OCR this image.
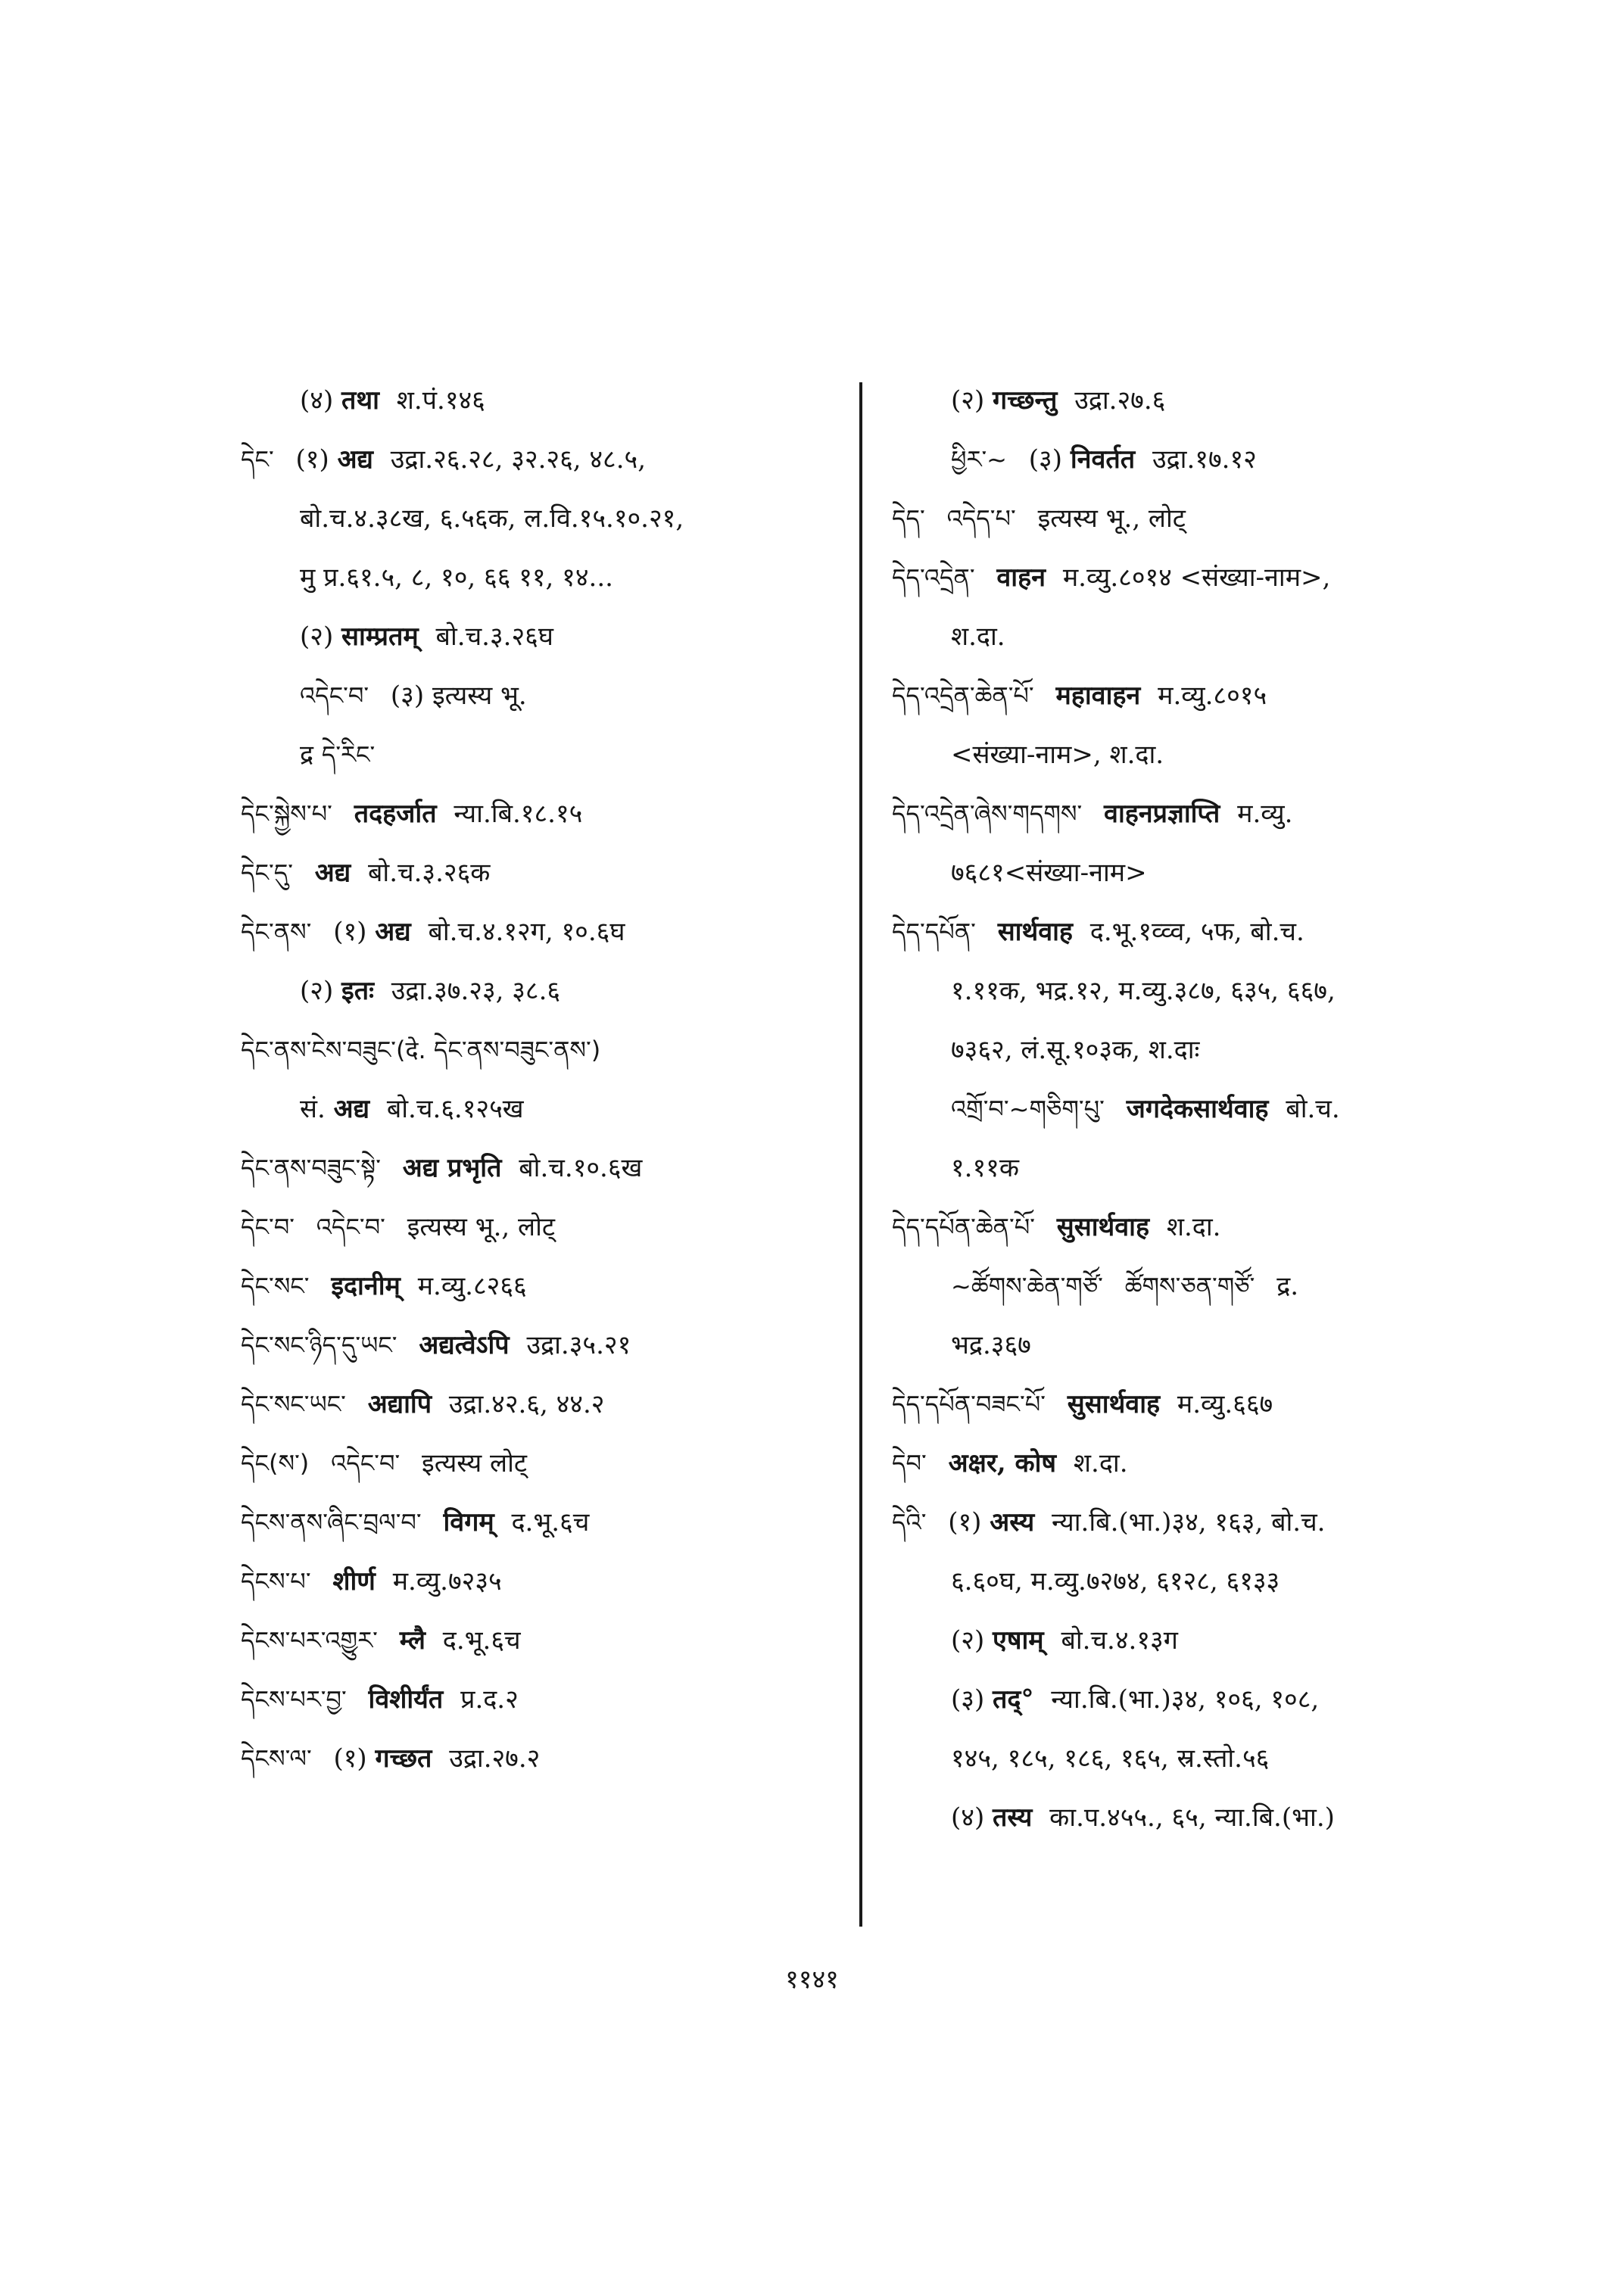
(४) तथा श.पं.१४६
དེང་ (१) अद्य उद्रा.२६.२८, ३२.२६, ४८.५,
बो.च.४.३८ख, ६.५६क, ल.वि.१५.१०.२१,
मु प्र.६१.५, ८, १०, ६६ ११, १४...
(२) साम्प्रतम् बो.च.३.२६घ
འདེང་བ་ (३) इत्यस्य भू.
द्र དེ་རིང་
དེང་སྐྱེས་པ་ तदहर्जात न्या.बि.१८.१५
དེང་དུ་ अद्य बो.च.३.२६क
དེང་ནས་ (१) अद्य बो.च.४.१२ग, १०.६घ
(२) इतः उद्रा.३७.२३, ३८.६
དེང་ནས་ངེས་བཟུང་(दे. དེང་ནས་བཟུང་ནས་)
सं. अद्य बो.च.६.१२५ख
དེང་ནས་བཟུང་སྟེ་ अद्य प्रभृति बो.च.१०.६ख
དེང་བ་ འདེང་བ་ इत्यस्य भू., लोट्
དེང་སང་ इदानीम् म.व्यु.८२६६
དེང་སང་ཉིད་དུ་ཡང་ अद्यत्वेऽपि उद्रा.३५.२१
དེང་སང་ཡང་ अद्यापि उद्रा.४२.६, ४४.२
དེང(ས་) འདེང་བ་ इत्यस्य लोट्
དེངས་ནས་ཞིང་བྲལ་བ་ विगम् द.भू.६च
དེངས་པ་ शीर्ण म.व्यु.७२३५
དེངས་པར་འགྱུར་ म्लै द.भू.६च
དེངས་པར་བྱ་ विशीर्यंत प्र.द.२
དེངས་ལ་ (१) गच्छत उद्रा.२७.२
(२) गच्छन्तु उद्रा.२७.६
ཕྱིར་~ (३) निवर्तत उद्रा.१७.१२
དེད་ འདེད་པ་ इत्यस्य भू., लोट्
དེད་འདྲེན་ वाहन म.व्यु.८०१४ <संख्या-नाम>,
श.दा.
དེད་འདྲེན་ཆེན་པོ་ महावाहन म.व्यु.८०१५
<संख्या-नाम>, श.दा.
དེད་འདྲེན་ཞེས་གདགས་ वाहनप्रज्ञाप्ति म.व्यु.
७६८१<संख्या-नाम>
དེད་དཔོན་ सार्थवाह द.भू.१व्व्व, ५फ, बो.च.
१.११क, भद्र.१२, म.व्यु.३८७, ६३५, ६६७,
७३६२, लं.सू.१०३क, श.दाः
འགྲོ་བ་~གཅིག་པུ་ जगदेकसार्थवाह बो.च.
१.११क
དེད་དཔོན་ཆེན་པོ་ सुसार्थवाह श.दा.
~ཚོགས་ཆེན་གཙོ་ ཚོགས་ཅན་གཙོ་ द्र.
भद्र.३६७
དེད་དཔོན་བཟང་པོ་ सुसार्थवाह म.व्यु.६६७
དེབ་ अक्षर, कोष श.दा.
དེའི་ (१) अस्य न्या.बि.(भा.)३४, १६३, बो.च.
६.६०घ, म.व्यु.७२७४, ६१२८, ६१३३
(२) एषाम् बो.च.४.१३ग
(३) तद्° न्या.बि.(भा.)३४, १०६, १०८,
१४५, १८५, १८६, १६५, स्र.स्तो.५६
(४) तस्य का.प.४५५., ६५, न्या.बि.(भा.)
११४१
